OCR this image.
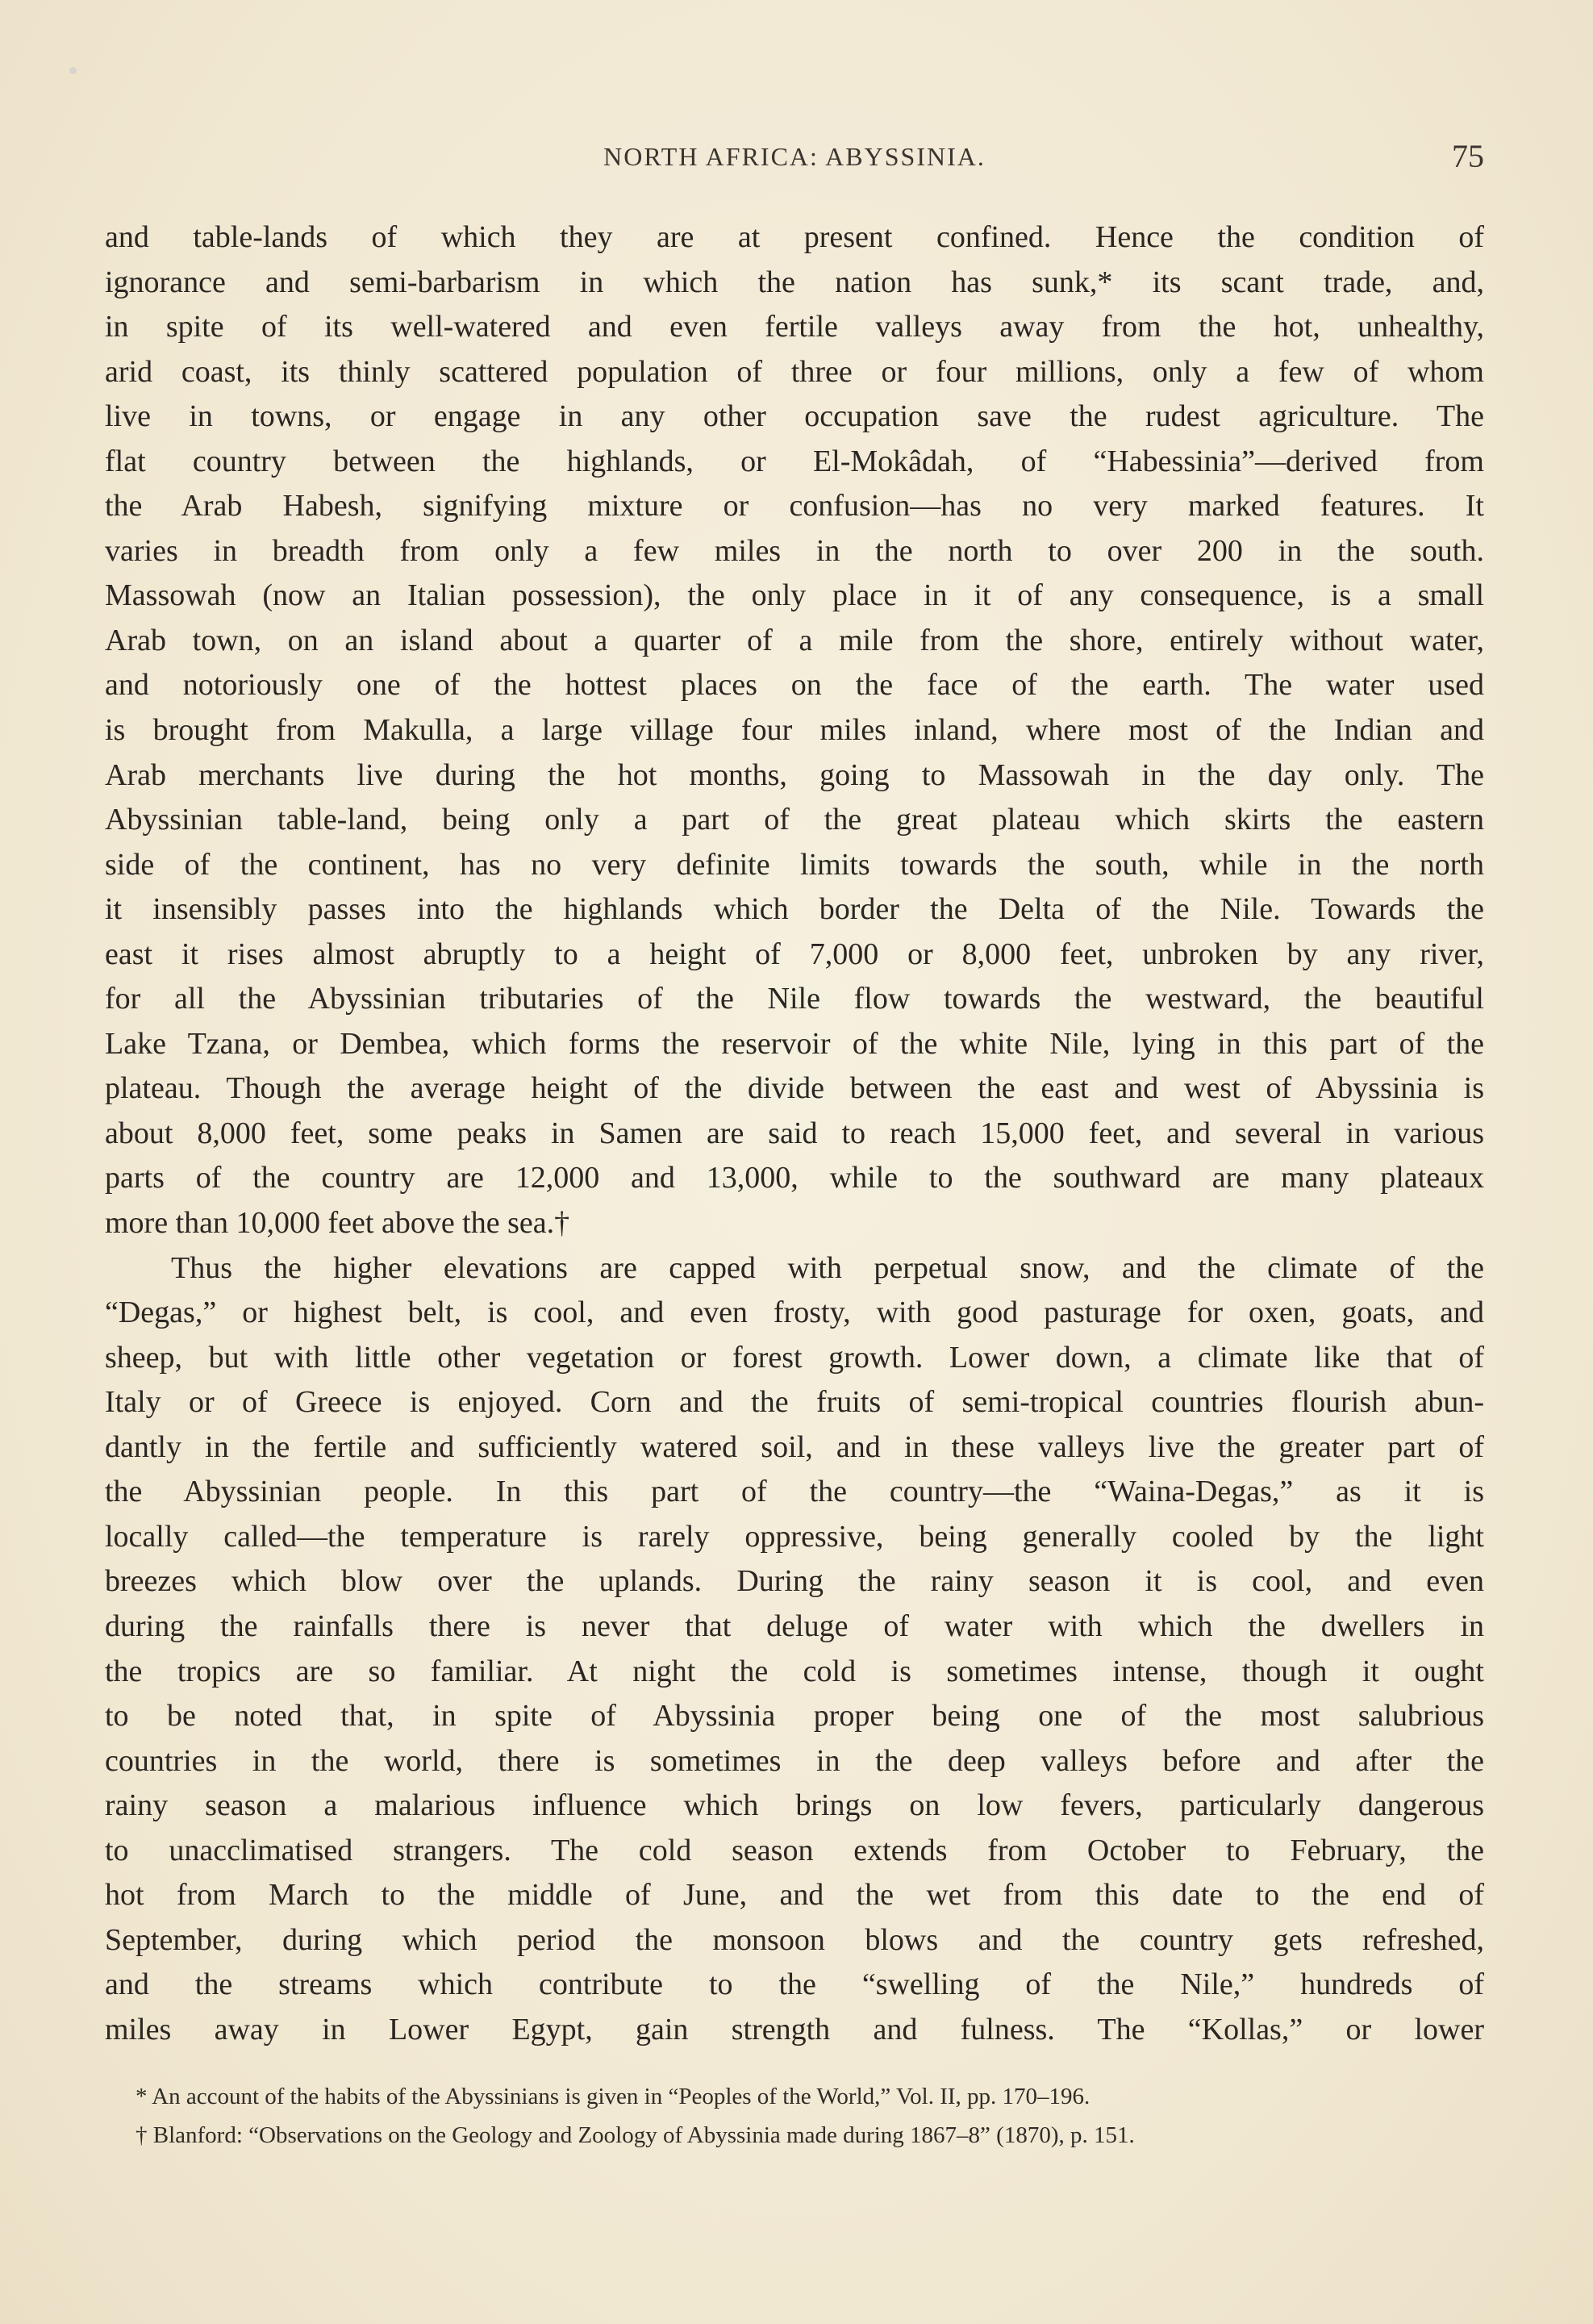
NORTH AFRICA: ABYSSINIA.	75
and table-lands of which they are at present confined. Hence the condition of
ignorance and semi-barbarism in which the nation has sunk,* its scant trade, and,
in spite of its well-watered and even fertile valleys away from the hot, unhealthy,
arid coast, its thinly scattered population of three or four millions, only a few of whom
live in towns, or engage in any other occupation save the rudest agriculture. The
flat country between the highlands, or El-Mokâdah, of “Habessinia”—derived from
the Arab Habesh, signifying mixture or confusion—has no very marked features. It
varies in breadth from only a few miles in the north to over 200 in the south.
Massowah (now an Italian possession), the only place in it of any consequence, is a small
Arab town, on an island about a quarter of a mile from the shore, entirely without water,
and notoriously one of the hottest places on the face of the earth. The water used
is brought from Makulla, a large village four miles inland, where most of the Indian and
Arab merchants live during the hot months, going to Massowah in the day only. The
Abyssinian table-land, being only a part of the great plateau which skirts the eastern
side of the continent, has no very definite limits towards the south, while in the north
it insensibly passes into the highlands which border the Delta of the Nile. Towards the
east it rises almost abruptly to a height of 7,000 or 8,000 feet, unbroken by any river,
for all the Abyssinian tributaries of the Nile flow towards the westward, the beautiful
Lake Tzana, or Dembea, which forms the reservoir of the white Nile, lying in this part of the
plateau. Though the average height of the divide between the east and west of Abyssinia is
about 8,000 feet, some peaks in Samen are said to reach 15,000 feet, and several in various
parts of the country are 12,000 and 13,000, while to the southward are many plateaux
more than 10,000 feet above the sea.†
Thus the higher elevations are capped with perpetual snow, and the climate of the
“Degas,” or highest belt, is cool, and even frosty, with good pasturage for oxen, goats, and
sheep, but with little other vegetation or forest growth. Lower down, a climate like that of
Italy or of Greece is enjoyed. Corn and the fruits of semi-tropical countries flourish abun-
dantly in the fertile and sufficiently watered soil, and in these valleys live the greater part of
the Abyssinian people. In this part of the country—the “Waina-Degas,” as it is
locally called—the temperature is rarely oppressive, being generally cooled by the light
breezes which blow over the uplands. During the rainy season it is cool, and even
during the rainfalls there is never that deluge of water with which the dwellers in
the tropics are so familiar. At night the cold is sometimes intense, though it ought
to be noted that, in spite of Abyssinia proper being one of the most salubrious
countries in the world, there is sometimes in the deep valleys before and after the
rainy season a malarious influence which brings on low fevers, particularly dangerous
to unacclimatised strangers. The cold season extends from October to February, the
hot from March to the middle of June, and the wet from this date to the end of
September, during which period the monsoon blows and the country gets refreshed,
and the streams which contribute to the “swelling of the Nile,” hundreds of
miles away in Lower Egypt, gain strength and fulness. The “Kollas,” or lower
* An account of the habits of the Abyssinians is given in “Peoples of the World,” Vol. II, pp. 170–196.
† Blanford: “Observations on the Geology and Zoology of Abyssinia made during 1867–8” (1870), p. 151.
